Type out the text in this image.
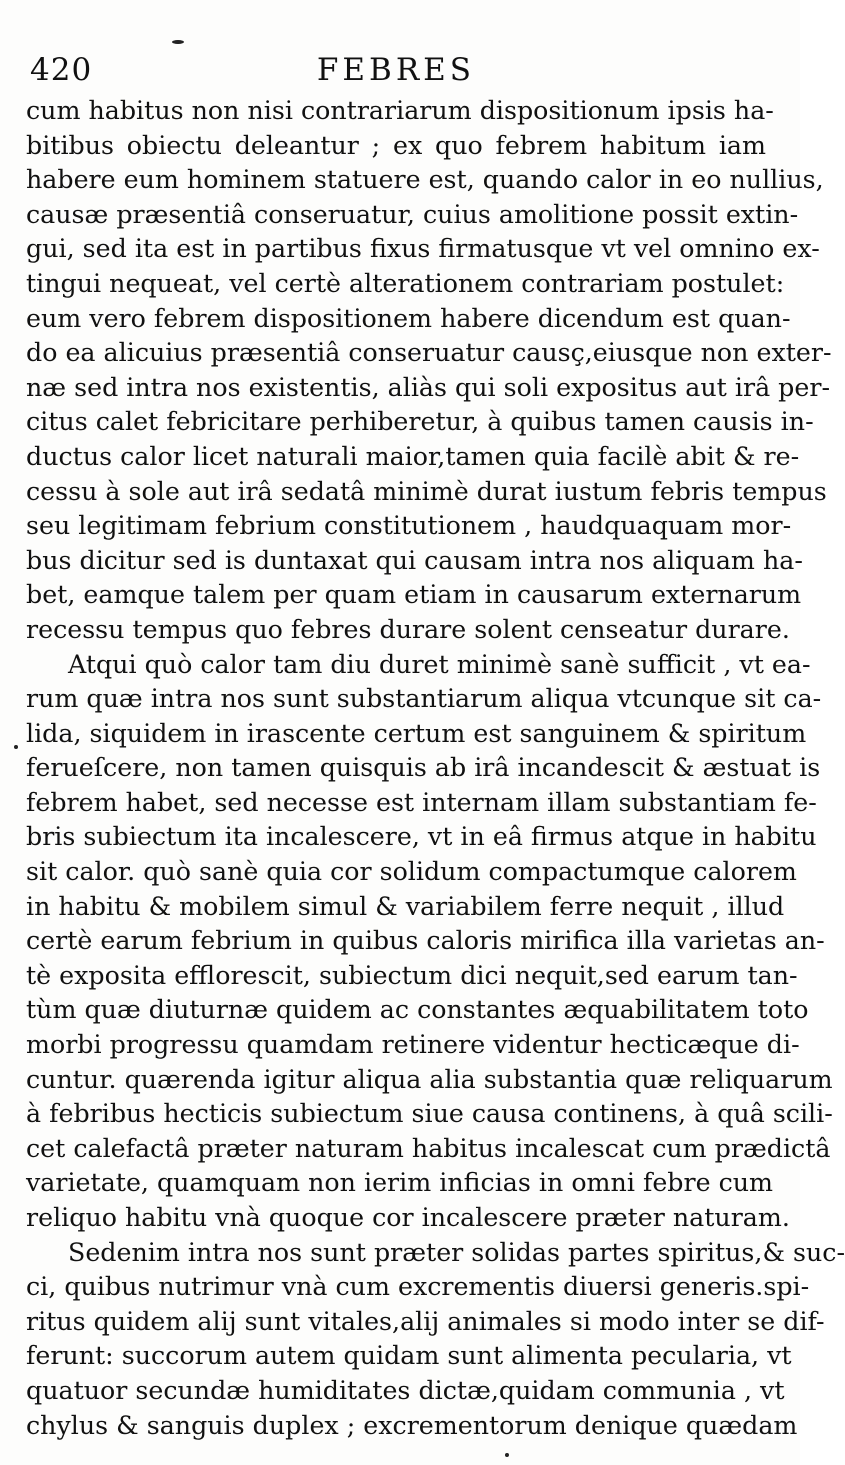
420	FEBRES
cum habitus non nisi contrariarum dispositionum ipsis ha-
bitibus obiectu deleantur ; ex quo febrem habitum iam
habere eum hominem statuere est, quando calor in eo nullius,
causæ præsentiâ conseruatur, cuius amolitione possit extin-
gui, sed ita est in partibus fixus firmatusque vt vel omnino ex-
tingui nequeat, vel certè alterationem contrariam postulet:
eum vero febrem dispositionem habere dicendum est quan-
do ea alicuius præsentiâ conseruatur causç,eiusque non exter-
næ sed intra nos existentis, aliàs qui soli expositus aut irâ per-
citus calet febricitare perhiberetur, à quibus tamen causis in-
ductus calor licet naturali maior,tamen quia facilè abit & re-
cessu à sole aut irâ sedatâ minimè durat iustum febris tempus
seu legitimam febrium constitutionem , haudquaquam mor-
bus dicitur sed is duntaxat qui causam intra nos aliquam ha-
bet, eamque talem per quam etiam in causarum externarum
recessu tempus quo febres durare solent censeatur durare.
Atqui quò calor tam diu duret minimè sanè sufficit , vt ea-
rum quæ intra nos sunt substantiarum aliqua vtcunque sit ca-
lida, siquidem in irascente certum est sanguinem & spiritum
ferueſcere, non tamen quisquis ab irâ incandescit & æstuat is
febrem habet, sed necesse est internam illam substantiam fe-
bris subiectum ita incalescere, vt in eâ firmus atque in habitu
sit calor. quò sanè quia cor solidum compactumque calorem
in habitu & mobilem simul & variabilem ferre nequit , illud
certè earum febrium in quibus caloris mirifica illa varietas an-
tè exposita efflorescit, subiectum dici nequit,sed earum tan-
tùm quæ diuturnæ quidem ac constantes æquabilitatem toto
morbi progressu quamdam retinere videntur hecticæque di-
cuntur. quærenda igitur aliqua alia substantia quæ reliquarum
à febribus hecticis subiectum siue causa continens, à quâ scili-
cet calefactâ præter naturam habitus incalescat cum prædictâ
varietate, quamquam non ierim inficias in omni febre cum
reliquo habitu vnà quoque cor incalescere præter naturam.
Sedenim intra nos sunt præter solidas partes spiritus,& suc-
ci, quibus nutrimur vnà cum excrementis diuersi generis.spi-
ritus quidem alij sunt vitales,alij animales si modo inter se dif-
ferunt: succorum autem quidam sunt alimenta pecularia, vt
quatuor secundæ humiditates dictæ,quidam communia , vt
chylus & sanguis duplex ; excrementorum denique quædam
